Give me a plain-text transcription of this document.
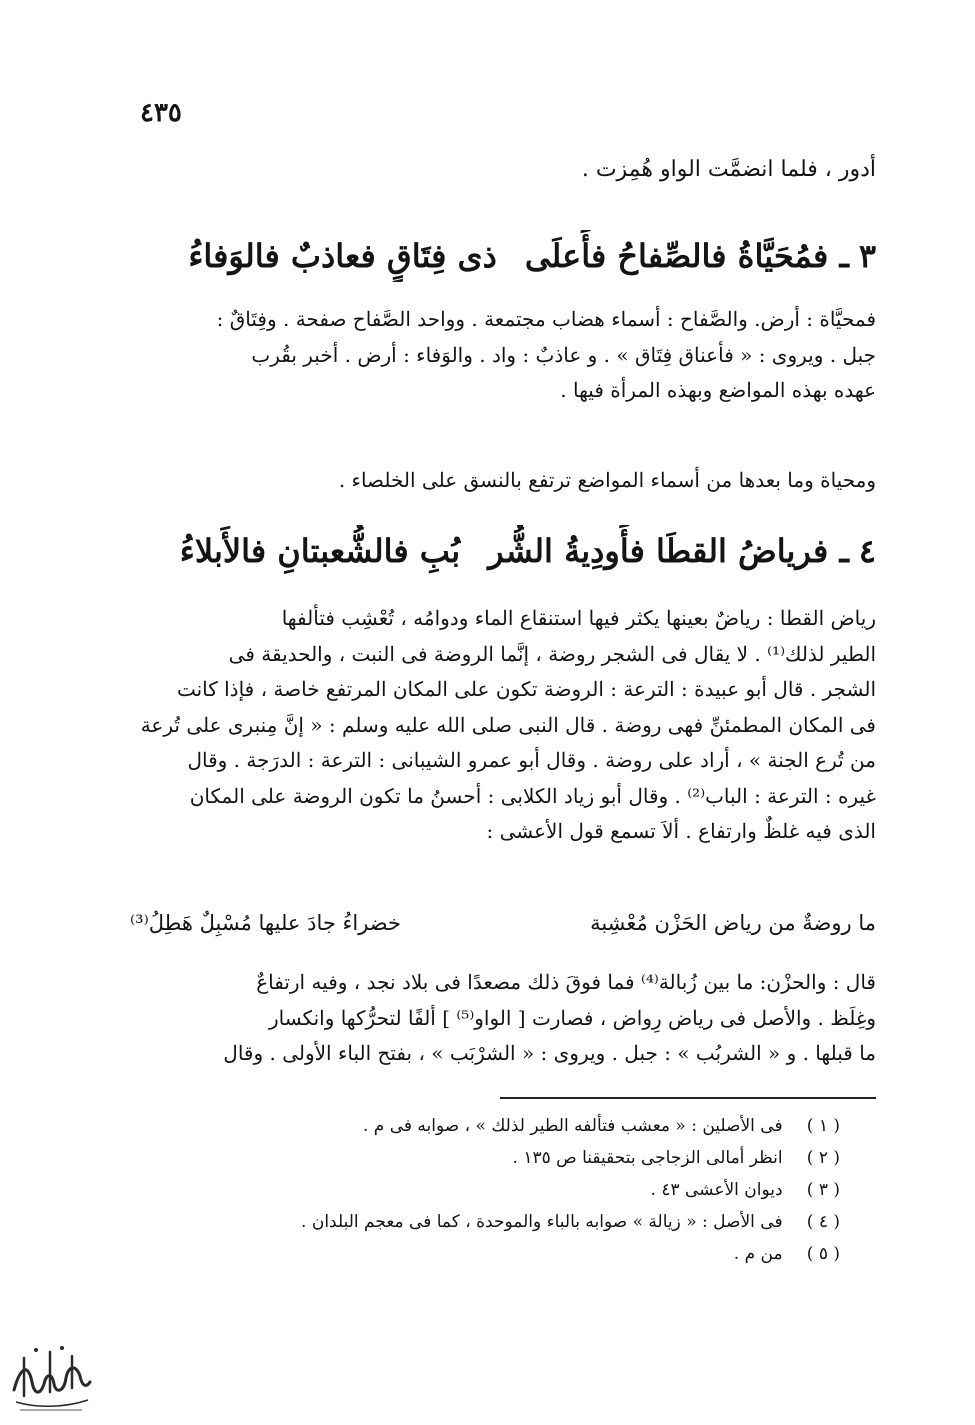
٤٣٥
أدور ، فلما انضمَّت الواو هُمِزت .
٣ـ فمُحَيَّاةُ فالصِّفاحُ فأَعلَىذى فِتَاقٍ فعاذبٌ فالوَفاءُ
فمحيَّاة : أرض. والصَّفاح : أسماء هضاب مجتمعة . وواحد الصَّفاح صفحة . وفِتَاقٌ :
جبل . ويروى : « فأعناق فِتَاق » . و عاذبٌ : واد . والوَفاء : أرض . أخبر بقُرب
عهده بهذه المواضع وبهذه المرأة فيها .
ومحياة وما بعدها من أسماء المواضع ترتفع بالنسق على الخلصاء .
٤ـ فرياضُ القطَا فأَودِيةُ الشُّربُبِ فالشُّعبتانِ فالأَبلاءُ
رياض القطا : رياضٌ بعينها يكثر فيها استنقاع الماء ودوامُه ، تُعْشِب فتألفها
الطير لذلك⁽¹⁾ . لا يقال فى الشجر روضة ، إنَّما الروضة فى النبت ، والحديقة فى
الشجر . قال أبو عبيدة : الترعة : الروضة تكون على المكان المرتفع خاصة ، فإذا كانت
فى المكان المطمئنِّ فهى روضة . قال النبى صلى الله عليه وسلم : « إنَّ مِنبرى على تُرعة
من تُرع الجنة » ، أراد على روضة . وقال أبو عمرو الشيبانى : الترعة : الدرَجة . وقال
غيره : الترعة : الباب⁽²⁾ . وقال أبو زياد الكلابى : أحسنُ ما تكون الروضة على المكان
الذى فيه غلظٌ وارتفاع . ألاَ تسمع قول الأعشى :
ما روضةٌ من رياض الحَزْن مُعْشِبة
خضراءُ جادَ عليها مُسْبِلٌ هَطِلُ⁽³⁾
قال : والحزْن: ما بين زُبالة⁽⁴⁾ فما فوقَ ذلك مصعدًا فى بلاد نجد ، وفيه ارتفاعٌ
وغِلَظ . والأصل فى رياض رِواض ، فصارت [ الواو⁽⁵⁾ ] ألفًا لتحرُّكها وانكسار
ما قبلها . و « الشربُب » : جبل . ويروى : « الشرْبَب » ، بفتح الباء الأولى . وقال
( ١ ) فى الأصلين : « معشب فتألفه الطير لذلك » ، صوابه فى م .
( ٢ ) انظر أمالى الزجاجى بتحقيقنا ص ١٣٥ .
( ٣ ) ديوان الأعشى ٤٣ .
( ٤ ) فى الأصل : « زيالة » صوابه بالباء والموحدة ، كما فى معجم البلدان .
( ٥ ) من م .
